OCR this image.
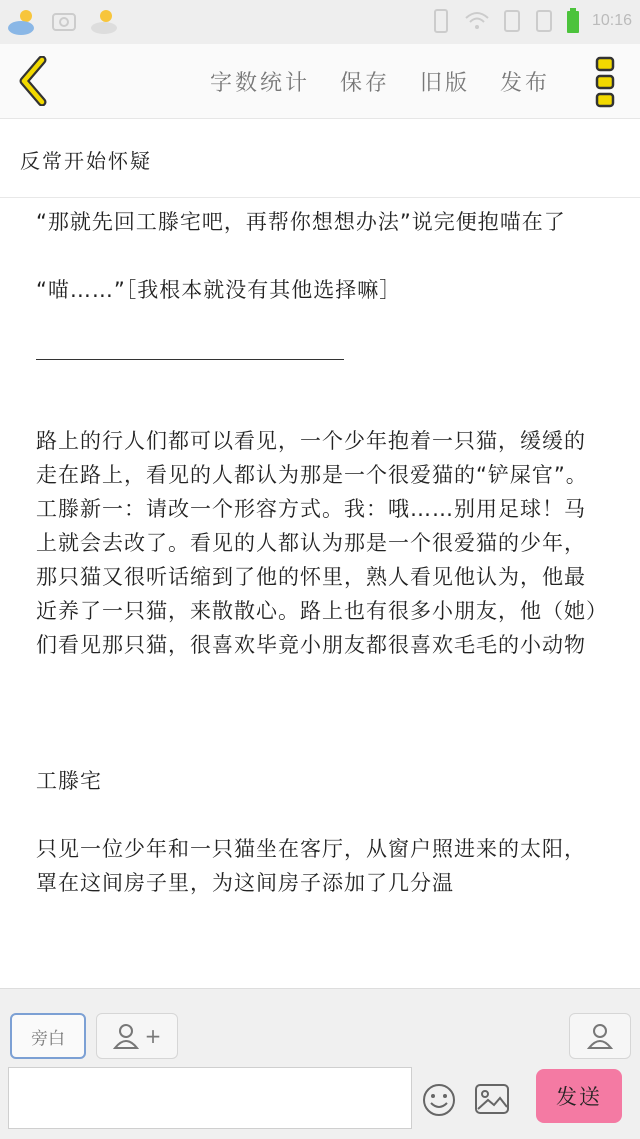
10:16
字数统计 保存 旧版 发布
反常开始怀疑

“那就先回工滕宅吧，再帮你想想办法”说完便抱喵在了

“喵……”［我根本就没有其他选择嘛］

路上的行人们都可以看见，一个少年抱着一只猫，缓缓的走在路上，看见的人都认为那是一个很爱猫的“铲屎官”。工滕新一：请改一个形容方式。我：哦……别用足球！马上就会去改了。看见的人都认为那是一个很爱猫的少年，那只猫又很听话缩到了他的怀里，熟人看见他认为，他最近养了一只猫，来散散心。路上也有很多小朋友，他（她）们看见那只猫，很喜欢毕竟小朋友都很喜欢毛毛的小动物

工滕宅

只见一位少年和一只猫坐在客厅，从窗户照进来的太阳，罩在这间房子里，为这间房子添加了几分温

旁白	+
发送
